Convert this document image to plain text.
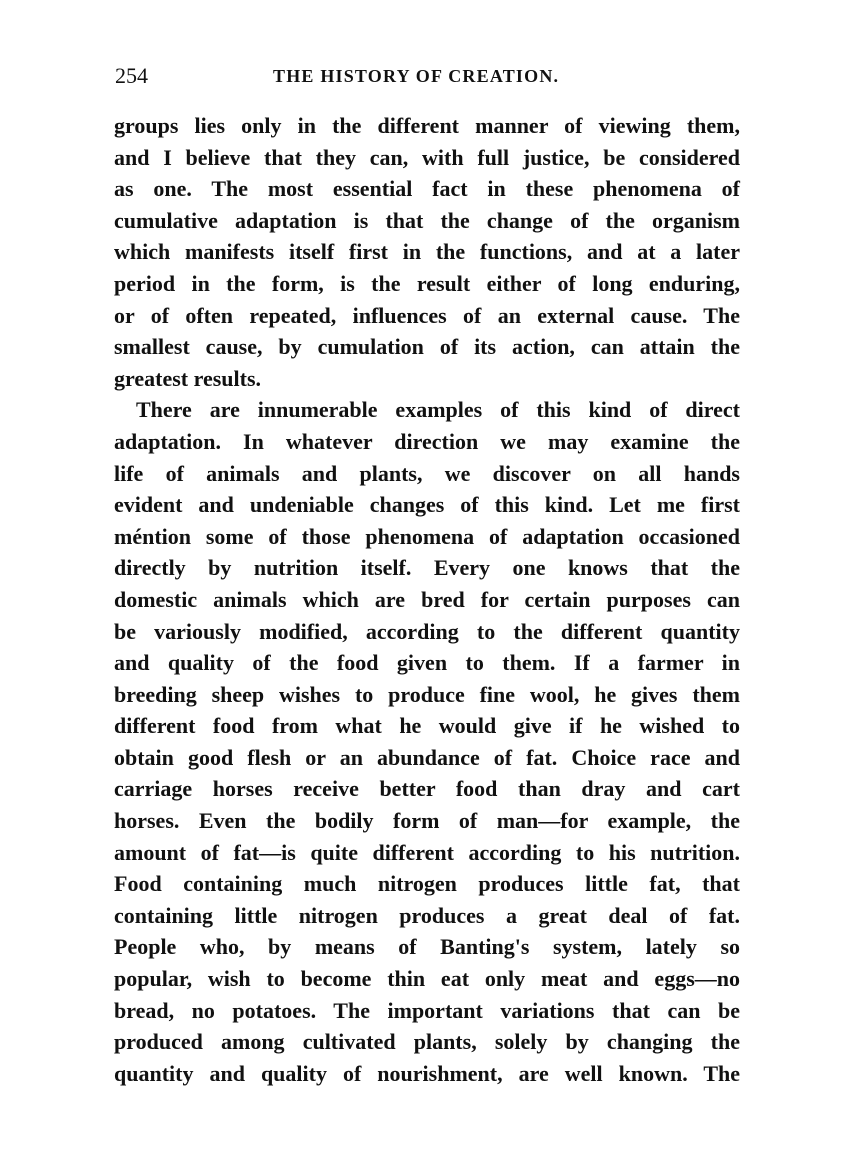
254	THE HISTORY OF CREATION.
groups lies only in the different manner of viewing them,
and I believe that they can, with full justice, be considered
as one. The most essential fact in these phenomena of
cumulative adaptation is that the change of the organism
which manifests itself first in the functions, and at a later
period in the form, is the result either of long enduring,
or of often repeated, influences of an external cause. The
smallest cause, by cumulation of its action, can attain the
greatest results.
There are innumerable examples of this kind of direct
adaptation. In whatever direction we may examine the
life of animals and plants, we discover on all hands
evident and undeniable changes of this kind. Let me first
méntion some of those phenomena of adaptation occasioned
directly by nutrition itself. Every one knows that the
domestic animals which are bred for certain purposes can
be variously modified, according to the different quantity
and quality of the food given to them. If a farmer in
breeding sheep wishes to produce fine wool, he gives them
different food from what he would give if he wished to
obtain good flesh or an abundance of fat. Choice race and
carriage horses receive better food than dray and cart
horses. Even the bodily form of man—for example, the
amount of fat—is quite different according to his nutrition.
Food containing much nitrogen produces little fat, that
containing little nitrogen produces a great deal of fat.
People who, by means of Banting's system, lately so
popular, wish to become thin eat only meat and eggs—no
bread, no potatoes. The important variations that can be
produced among cultivated plants, solely by changing the
quantity and quality of nourishment, are well known. The
